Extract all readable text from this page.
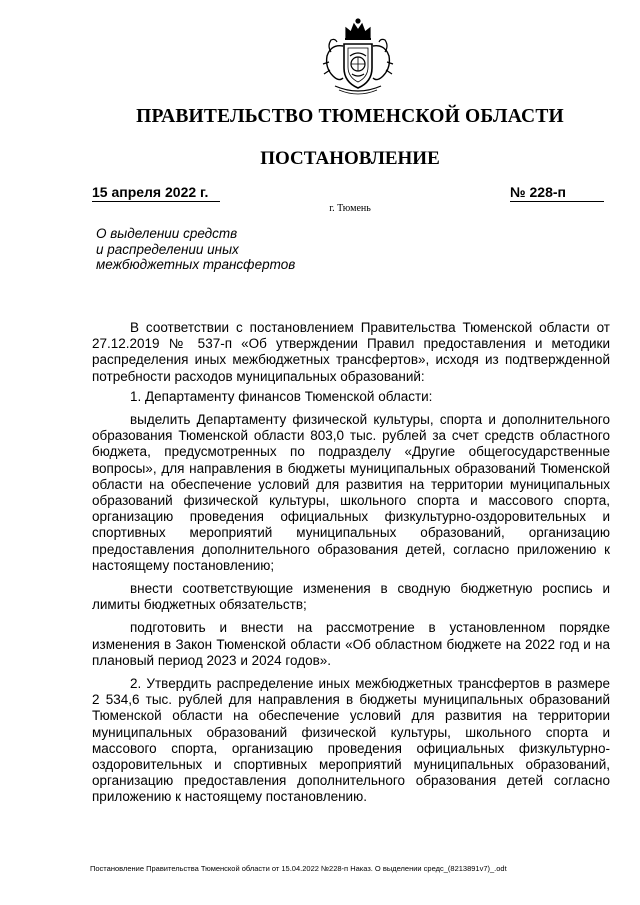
ПРАВИТЕЛЬСТВО ТЮМЕНСКОЙ ОБЛАСТИ
ПОСТАНОВЛЕНИЕ
15 апреля 2022 г.	№ 228-п
г. Тюмень
О выделении средств
и распределении иных
межбюджетных трансфертов

В соответствии с постановлением Правительства Тюменской области от 27.12.2019 № 537-п «Об утверждении Правил предоставления и методики распределения иных межбюджетных трансфертов», исходя из подтвержденной потребности расходов муниципальных образований:

1. Департаменту финансов Тюменской области:

выделить Департаменту физической культуры, спорта и дополнительного образования Тюменской области 803,0 тыс. рублей за счет средств областного бюджета, предусмотренных по подразделу «Другие общегосударственные вопросы», для направления в бюджеты муниципальных образований Тюменской области на обеспечение условий для развития на территории муниципальных образований физической культуры, школьного спорта и массового спорта, организацию проведения официальных физкультурно-оздоровительных и спортивных мероприятий муниципальных образований, организацию предоставления дополнительного образования детей, согласно приложению к настоящему постановлению;

внести соответствующие изменения в сводную бюджетную роспись и лимиты бюджетных обязательств;

подготовить и внести на рассмотрение в установленном порядке изменения в Закон Тюменской области «Об областном бюджете на 2022 год и на плановый период 2023 и 2024 годов».

2. Утвердить распределение иных межбюджетных трансфертов в размере 2 534,6 тыс. рублей для направления в бюджеты муниципальных образований Тюменской области на обеспечение условий для развития на территории муниципальных образований физической культуры, школьного спорта и массового спорта, организацию проведения официальных физкультурно-оздоровительных и спортивных мероприятий муниципальных образований, организацию предоставления дополнительного образования детей согласно приложению к настоящему постановлению.

Постановление Правительства Тюменской области от 15.04.2022 №228-п Наказ. О выделении средс_(8213891v7)_.odt
